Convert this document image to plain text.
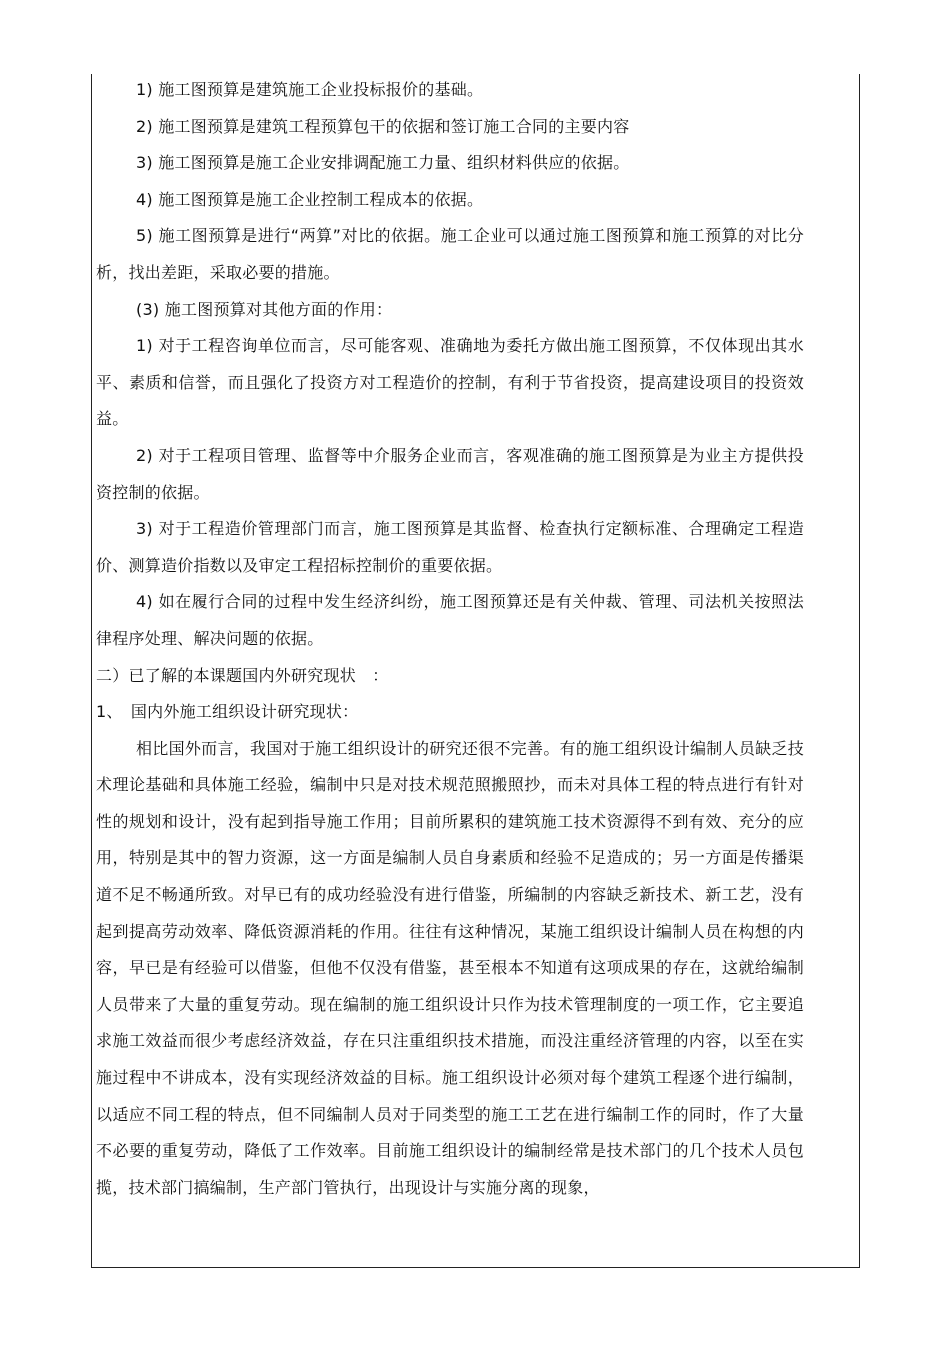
1) 施工图预算是建筑施工企业投标报价的基础。

2) 施工图预算是建筑工程预算包干的依据和签订施工合同的主要内容

3) 施工图预算是施工企业安排调配施工力量、组织材料供应的依据。

4) 施工图预算是施工企业控制工程成本的依据。

5) 施工图预算是进行“两算”对比的依据。施工企业可以通过施工图预算和施工预算的对比分析，找出差距，采取必要的措施。

(3) 施工图预算对其他方面的作用：

1) 对于工程咨询单位而言，尽可能客观、准确地为委托方做出施工图预算，不仅体现出其水平、素质和信誉，而且强化了投资方对工程造价的控制，有利于节省投资，提高建设项目的投资效益。

2) 对于工程项目管理、监督等中介服务企业而言，客观准确的施工图预算是为业主方提供投资控制的依据。

3) 对于工程造价管理部门而言，施工图预算是其监督、检查执行定额标准、合理确定工程造价、测算造价指数以及审定工程招标控制价的重要依据。

4) 如在履行合同的过程中发生经济纠纷，施工图预算还是有关仲裁、管理、司法机关按照法律程序处理、解决问题的依据。

二）已了解的本课题国内外研究现状　：

1、　国内外施工组织设计研究现状：

相比国外而言，我国对于施工组织设计的研究还很不完善。有的施工组织设计编制人员缺乏技术理论基础和具体施工经验，编制中只是对技术规范照搬照抄，而未对具体工程的特点进行有针对性的规划和设计，没有起到指导施工作用；目前所累积的建筑施工技术资源得不到有效、充分的应用，特别是其中的智力资源，这一方面是编制人员自身素质和经验不足造成的；另一方面是传播渠道不足不畅通所致。对早已有的成功经验没有进行借鉴，所编制的内容缺乏新技术、新工艺，没有起到提高劳动效率、降低资源消耗的作用。往往有这种情况，某施工组织设计编制人员在构想的内容，早已是有经验可以借鉴，但他不仅没有借鉴，甚至根本不知道有这项成果的存在，这就给编制人员带来了大量的重复劳动。现在编制的施工组织设计只作为技术管理制度的一项工作，它主要追求施工效益而很少考虑经济效益，存在只注重组织技术措施，而没注重经济管理的内容，以至在实施过程中不讲成本，没有实现经济效益的目标。施工组织设计必须对每个建筑工程逐个进行编制，以适应不同工程的特点，但不同编制人员对于同类型的施工工艺在进行编制工作的同时，作了大量不必要的重复劳动，降低了工作效率。目前施工组织设计的编制经常是技术部门的几个技术人员包揽，技术部门搞编制，生产部门管执行，出现设计与实施分离的现象，
